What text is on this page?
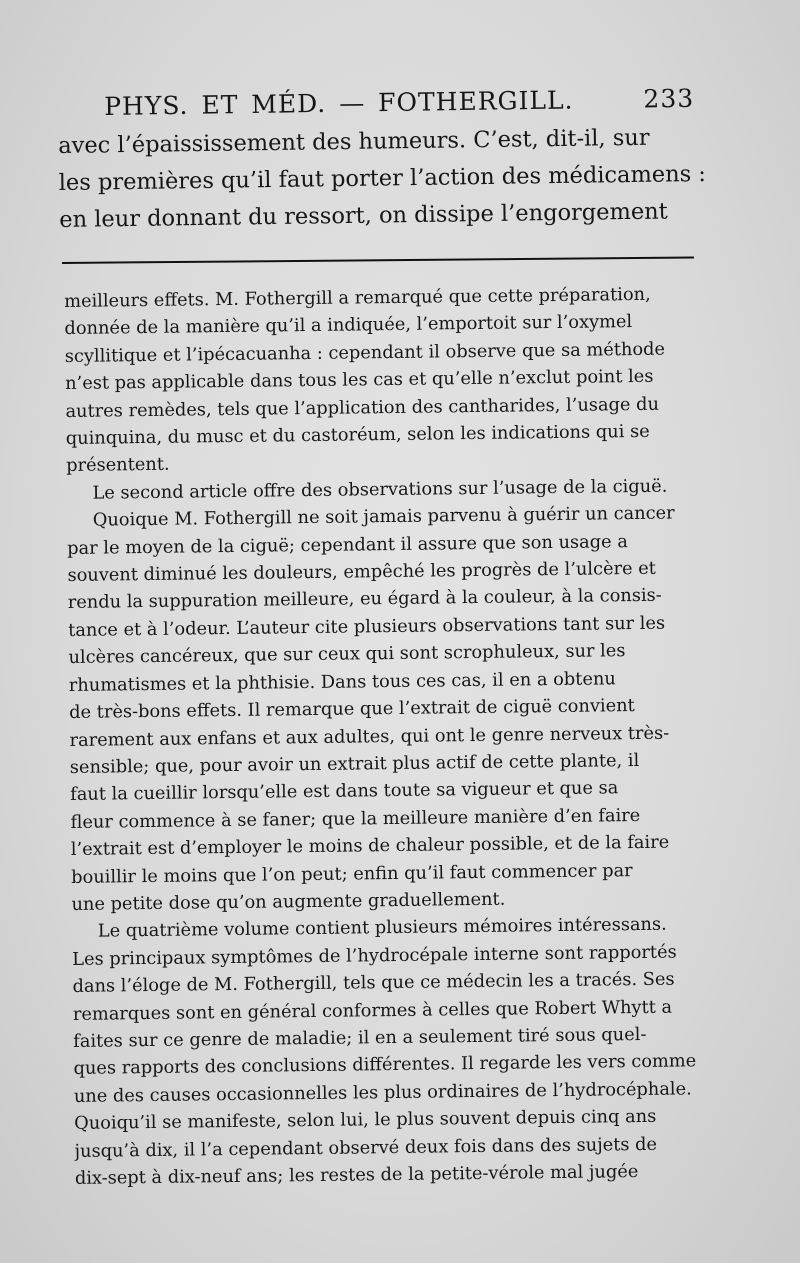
PHYS. ET MÉD. — FOTHERGILL.	233
avec l’épaississement des humeurs. C’est, dit-il, sur
les premières qu’il faut porter l’action des médicamens :
en leur donnant du ressort, on dissipe l’engorgement
meilleurs effets. M. Fothergill a remarqué que cette préparation,
donnée de la manière qu’il a indiquée, l’emportoit sur l’oxymel
scyllitique et l’ipécacuanha : cependant il observe que sa méthode
n’est pas applicable dans tous les cas et qu’elle n’exclut point les
autres remèdes, tels que l’application des cantharides, l’usage du
quinquina, du musc et du castoréum, selon les indications qui se
présentent.
Le second article offre des observations sur l’usage de la ciguë.
Quoique M. Fothergill ne soit jamais parvenu à guérir un cancer
par le moyen de la ciguë; cependant il assure que son usage a
souvent diminué les douleurs, empêché les progrès de l’ulcère et
rendu la suppuration meilleure, eu égard à la couleur, à la consis-
tance et à l’odeur. L’auteur cite plusieurs observations tant sur les
ulcères cancéreux, que sur ceux qui sont scrophuleux, sur les
rhumatismes et la phthisie. Dans tous ces cas, il en a obtenu
de très-bons effets. Il remarque que l’extrait de ciguë convient
rarement aux enfans et aux adultes, qui ont le genre nerveux très-
sensible; que, pour avoir un extrait plus actif de cette plante, il
faut la cueillir lorsqu’elle est dans toute sa vigueur et que sa
fleur commence à se faner; que la meilleure manière d’en faire
l’extrait est d’employer le moins de chaleur possible, et de la faire
bouillir le moins que l’on peut; enfin qu’il faut commencer par
une petite dose qu’on augmente graduellement.
Le quatrième volume contient plusieurs mémoires intéressans.
Les principaux symptômes de l’hydrocépale interne sont rapportés
dans l’éloge de M. Fothergill, tels que ce médecin les a tracés. Ses
remarques sont en général conformes à celles que Robert Whytt a
faites sur ce genre de maladie; il en a seulement tiré sous quel-
ques rapports des conclusions différentes. Il regarde les vers comme
une des causes occasionnelles les plus ordinaires de l’hydrocéphale.
Quoiqu’il se manifeste, selon lui, le plus souvent depuis cinq ans
jusqu’à dix, il l’a cependant observé deux fois dans des sujets de
dix-sept à dix-neuf ans; les restes de la petite-vérole mal jugée
